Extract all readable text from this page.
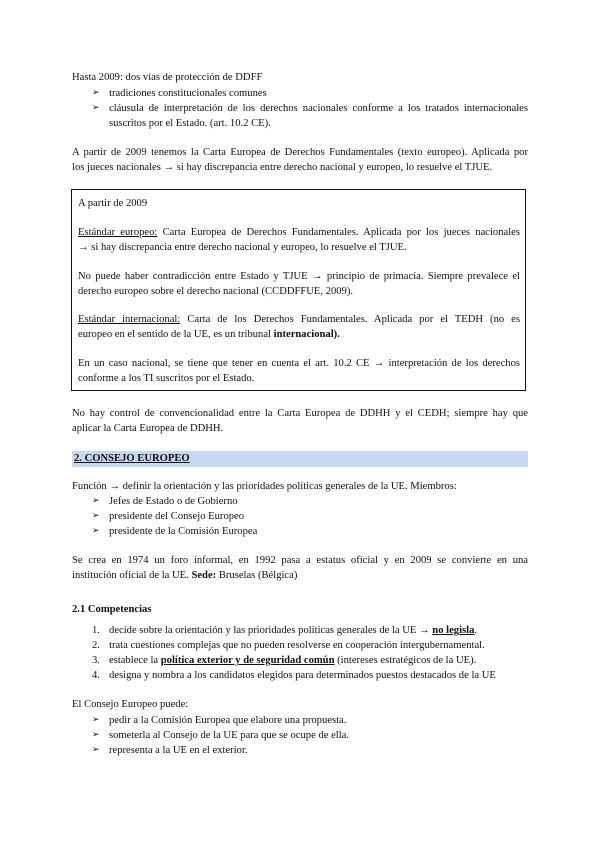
Hasta 2009: dos vías de protección de DDFF

➢ tradiciones constitucionales comunes
➢ cláusula de interpretación de los derechos nacionales conforme a los tratados internacionales

suscritos por el Estado. (art. 10.2 CE).

A partir de 2009 tenemos la Carta Europea de Derechos Fundamentales (texto europeo). Aplicada por

los jueces nacionales → si hay discrepancia entre derecho nacional y europeo, lo resuelve el TJUE.

A partir de 2009

Estándar europeo: Carta Europea de Derechos Fundamentales. Aplicada por los jueces nacionales

→ si hay discrepancia entre derecho nacional y europeo, lo resuelve el TJUE.

No puede haber contradicción entre Estado y TJUE → principio de primacía. Siempre prevalece el

derecho europeo sobre el derecho nacional (CCDDFFUE, 2009).

Estándar internacional: Carta de los Derechos Fundamentales. Aplicada por el TEDH (no es

europeo en el sentido de la UE, es un tribunal internacional).

En un caso nacional, se tiene que tener en cuenta el art. 10.2 CE → interpretación de los derechos

conforme a los TI suscritos por el Estado.

No hay control de convencionalidad entre la Carta Europea de DDHH y el CEDH; siempre hay que

aplicar la Carta Europea de DDHH.

2. CONSEJO EUROPEO

Función → definir la orientación y las prioridades políticas generales de la UE. Miembros:

➢ Jefes de Estado o de Gobierno
➢ presidente del Consejo Europeo
➢ presidente de la Comisión Europea

Se crea en 1974 un foro informal, en 1992 pasa a estatus oficial y en 2009 se convierte en una

institución oficial de la UE. Sede: Bruselas (Bélgica)

2.1 Competencias

1. decide sobre la orientación y las prioridades políticas generales de la UE → no legisla.
2. trata cuestiones complejas que no pueden resolverse en cooperación intergubernamental.
3. establece la política exterior y de seguridad común (intereses estratégicos de la UE).
4. designa y nombra a los candidatos elegidos para determinados puestos destacados de la UE

El Consejo Europeo puede:

➢ pedir a la Comisión Europea que elabore una propuesta.
➢ someterla al Consejo de la UE para que se ocupe de ella.
➢ representa a la UE en el exterior.
